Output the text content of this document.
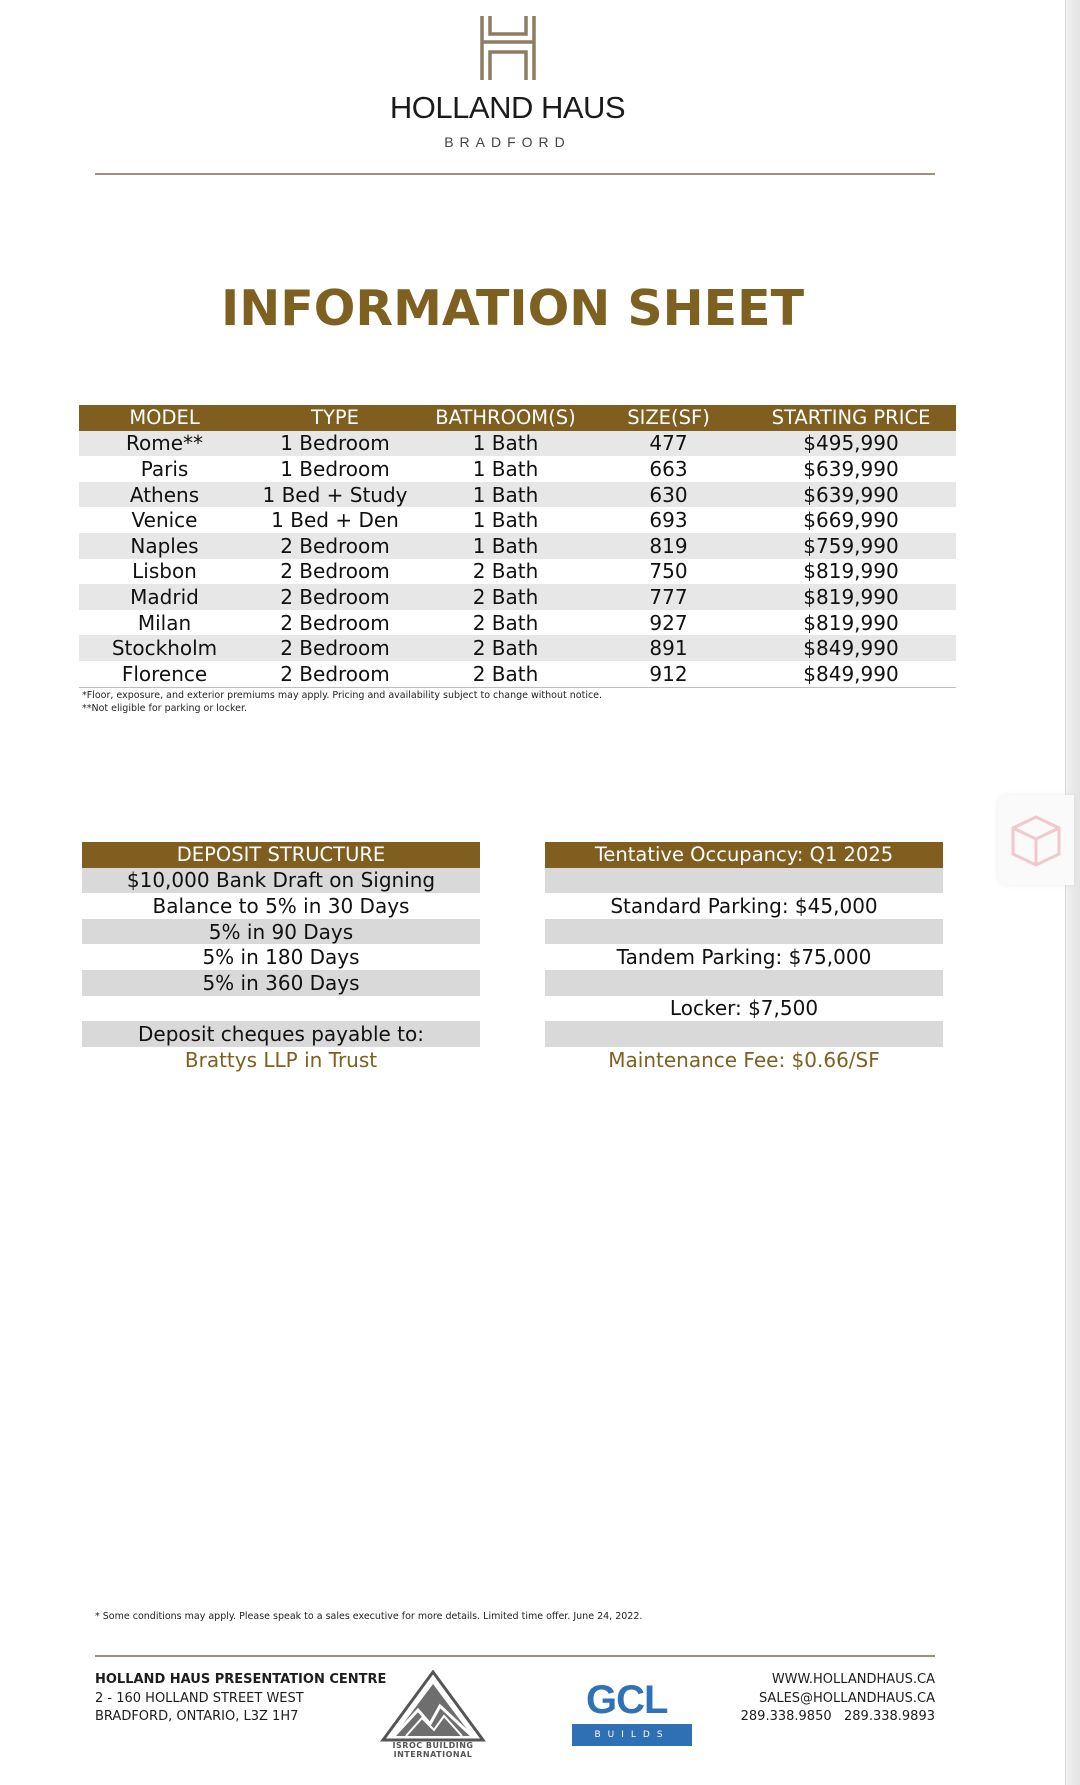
HOLLAND HAUS
BRADFORD
INFORMATION SHEET
MODEL	TYPE	BATHROOM(S)	SIZE(SF)	STARTING PRICE
Rome**	1 Bedroom	1 Bath	477	$495,990
Paris	1 Bedroom	1 Bath	663	$639,990
Athens	1 Bed + Study	1 Bath	630	$639,990
Venice	1 Bed + Den	1 Bath	693	$669,990
Naples	2 Bedroom	1 Bath	819	$759,990
Lisbon	2 Bedroom	2 Bath	750	$819,990
Madrid	2 Bedroom	2 Bath	777	$819,990
Milan	2 Bedroom	2 Bath	927	$819,990
Stockholm	2 Bedroom	2 Bath	891	$849,990
Florence	2 Bedroom	2 Bath	912	$849,990
*Floor, exposure, and exterior premiums may apply. Pricing and availability subject to change without notice.
**Not eligible for parking or locker.
DEPOSIT STRUCTURE
$10,000 Bank Draft on Signing
Balance to 5% in 30 Days
5% in 90 Days
5% in 180 Days
5% in 360 Days
Deposit cheques payable to:
Brattys LLP in Trust
Tentative Occupancy: Q1 2025
Standard Parking: $45,000
Tandem Parking: $75,000
Locker: $7,500
Maintenance Fee: $0.66/SF
* Some conditions may apply. Please speak to a sales executive for more details. Limited time offer. June 24, 2022.
HOLLAND HAUS PRESENTATION CENTRE
2 - 160 HOLLAND STREET WEST
BRADFORD, ONTARIO, L3Z 1H7
ISROC BUILDING INTERNATIONAL
GCL
BUILDS
WWW.HOLLANDHAUS.CA
SALES@HOLLANDHAUS.CA
289.338.9850   289.338.9893
